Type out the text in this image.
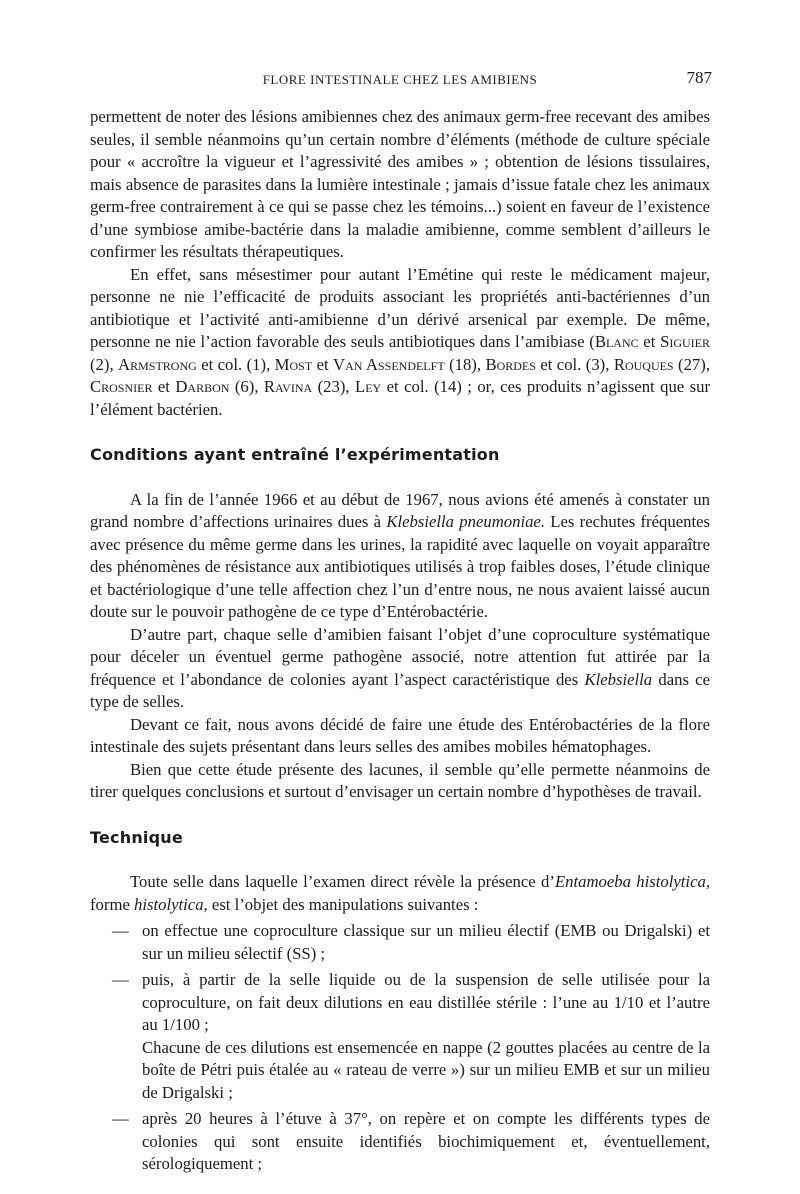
FLORE INTESTINALE CHEZ LES AMIBIENS	787

permettent de noter des lésions amibiennes chez des animaux germ-free recevant des amibes seules, il semble néanmoins qu’un certain nombre d’éléments (méthode de culture spéciale pour « accroître la vigueur et l’agressivité des amibes » ; obtention de lésions tissulaires, mais absence de parasites dans la lumière intestinale ; jamais d’issue fatale chez les animaux germ-free contrairement à ce qui se passe chez les témoins...) soient en faveur de l’existence d’une symbiose amibe-bactérie dans la maladie amibienne, comme semblent d’ailleurs le confirmer les résultats thérapeutiques.

En effet, sans mésestimer pour autant l’Emétine qui reste le médicament majeur, personne ne nie l’efficacité de produits associant les propriétés anti-bactériennes d’un antibiotique et l’activité anti-amibienne d’un dérivé arsenical par exemple. De même, personne ne nie l’action favorable des seuls antibiotiques dans l’amibiase (Blanc et Siguier (2), Armstrong et col. (1), Most et Van Assendelft (18), Bordes et col. (3), Rouques (27), Crosnier et Darbon (6), Ravina (23), Ley et col. (14) ; or, ces produits n’agissent que sur l’élément bactérien.

Conditions ayant entraîné l’expérimentation

A la fin de l’année 1966 et au début de 1967, nous avions été amenés à constater un grand nombre d’affections urinaires dues à Klebsiella pneumoniae. Les rechutes fréquentes avec présence du même germe dans les urines, la rapidité avec laquelle on voyait apparaître des phénomènes de résistance aux antibiotiques utilisés à trop faibles doses, l’étude clinique et bactériologique d’une telle affection chez l’un d’entre nous, ne nous avaient laissé aucun doute sur le pouvoir pathogène de ce type d’Entérobactérie.

D’autre part, chaque selle d’amibien faisant l’objet d’une coproculture systématique pour déceler un éventuel germe pathogène associé, notre attention fut attirée par la fréquence et l’abondance de colonies ayant l’aspect caractéristique des Klebsiella dans ce type de selles.

Devant ce fait, nous avons décidé de faire une étude des Entérobactéries de la flore intestinale des sujets présentant dans leurs selles des amibes mobiles hématophages.

Bien que cette étude présente des lacunes, il semble qu’elle permette néanmoins de tirer quelques conclusions et surtout d’envisager un certain nombre d’hypothèses de travail.

Technique

Toute selle dans laquelle l’examen direct révèle la présence d’Entamoeba histolytica, forme histolytica, est l’objet des manipulations suivantes :

— on effectue une coproculture classique sur un milieu électif (EMB ou Drigalski) et sur un milieu sélectif (SS) ;
— puis, à partir de la selle liquide ou de la suspension de selle utilisée pour la coproculture, on fait deux dilutions en eau distillée stérile : l’une au 1/10 et l’autre au 1/100 ;
Chacune de ces dilutions est ensemencée en nappe (2 gouttes placées au centre de la boîte de Pétri puis étalée au « rateau de verre ») sur un milieu EMB et sur un milieu de Drigalski ;
— après 20 heures à l’étuve à 37°, on repère et on compte les différents types de colonies qui sont ensuite identifiés biochimiquement et, éventuellement, sérologiquement ;
